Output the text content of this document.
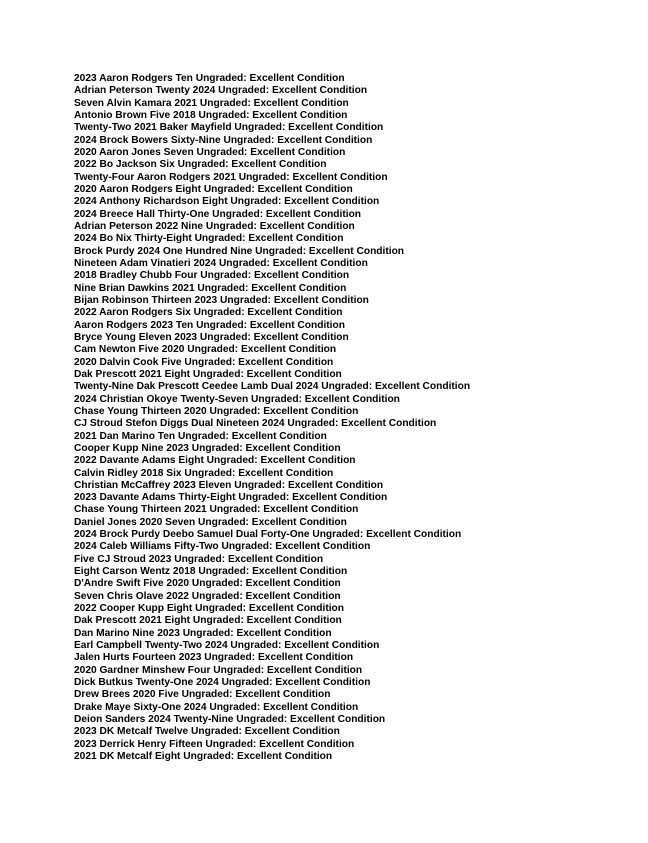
2023 Aaron Rodgers Ten Ungraded: Excellent Condition
Adrian Peterson Twenty 2024 Ungraded: Excellent Condition
Seven Alvin Kamara 2021 Ungraded: Excellent Condition
Antonio Brown Five 2018 Ungraded: Excellent Condition
Twenty-Two 2021 Baker Mayfield Ungraded: Excellent Condition
2024 Brock Bowers Sixty-Nine Ungraded: Excellent Condition
2020 Aaron Jones Seven Ungraded: Excellent Condition
2022 Bo Jackson Six Ungraded: Excellent Condition
Twenty-Four Aaron Rodgers 2021 Ungraded: Excellent Condition
2020 Aaron Rodgers Eight Ungraded: Excellent Condition
2024 Anthony Richardson Eight Ungraded: Excellent Condition
2024 Breece Hall Thirty-One Ungraded: Excellent Condition
Adrian Peterson 2022 Nine Ungraded: Excellent Condition
2024 Bo Nix Thirty-Eight Ungraded: Excellent Condition
Brock Purdy 2024 One Hundred Nine Ungraded: Excellent Condition
Nineteen Adam Vinatieri 2024 Ungraded: Excellent Condition
2018 Bradley Chubb Four Ungraded: Excellent Condition
Nine Brian Dawkins 2021 Ungraded: Excellent Condition
Bijan Robinson Thirteen 2023 Ungraded: Excellent Condition
2022 Aaron Rodgers Six Ungraded: Excellent Condition
Aaron Rodgers 2023 Ten Ungraded: Excellent Condition
Bryce Young Eleven 2023 Ungraded: Excellent Condition
Cam Newton Five 2020 Ungraded: Excellent Condition
2020 Dalvin Cook Five Ungraded: Excellent Condition
Dak Prescott 2021 Eight Ungraded: Excellent Condition
Twenty-Nine Dak Prescott Ceedee Lamb Dual 2024 Ungraded: Excellent Condition
2024 Christian Okoye Twenty-Seven Ungraded: Excellent Condition
Chase Young Thirteen 2020 Ungraded: Excellent Condition
CJ Stroud Stefon Diggs Dual Nineteen 2024 Ungraded: Excellent Condition
2021 Dan Marino Ten Ungraded: Excellent Condition
Cooper Kupp Nine 2023 Ungraded: Excellent Condition
2022 Davante Adams Eight Ungraded: Excellent Condition
Calvin Ridley 2018 Six Ungraded: Excellent Condition
Christian McCaffrey 2023 Eleven Ungraded: Excellent Condition
2023 Davante Adams Thirty-Eight Ungraded: Excellent Condition
Chase Young Thirteen 2021 Ungraded: Excellent Condition
Daniel Jones 2020 Seven Ungraded: Excellent Condition
2024 Brock Purdy Deebo Samuel Dual Forty-One Ungraded: Excellent Condition
2024 Caleb Williams Fifty-Two Ungraded: Excellent Condition
Five CJ Stroud 2023 Ungraded: Excellent Condition
Eight Carson Wentz 2018 Ungraded: Excellent Condition
D'Andre Swift Five 2020 Ungraded: Excellent Condition
Seven Chris Olave 2022 Ungraded: Excellent Condition
2022 Cooper Kupp Eight Ungraded: Excellent Condition
Dak Prescott 2021 Eight Ungraded: Excellent Condition
Dan Marino Nine 2023 Ungraded: Excellent Condition
Earl Campbell Twenty-Two 2024 Ungraded: Excellent Condition
Jalen Hurts Fourteen 2023 Ungraded: Excellent Condition
2020 Gardner Minshew Four Ungraded: Excellent Condition
Dick Butkus Twenty-One 2024 Ungraded: Excellent Condition
Drew Brees 2020 Five Ungraded: Excellent Condition
Drake Maye Sixty-One 2024 Ungraded: Excellent Condition
Deion Sanders 2024 Twenty-Nine Ungraded: Excellent Condition
2023 DK Metcalf Twelve Ungraded: Excellent Condition
2023 Derrick Henry Fifteen Ungraded: Excellent Condition
2021 DK Metcalf Eight Ungraded: Excellent Condition
